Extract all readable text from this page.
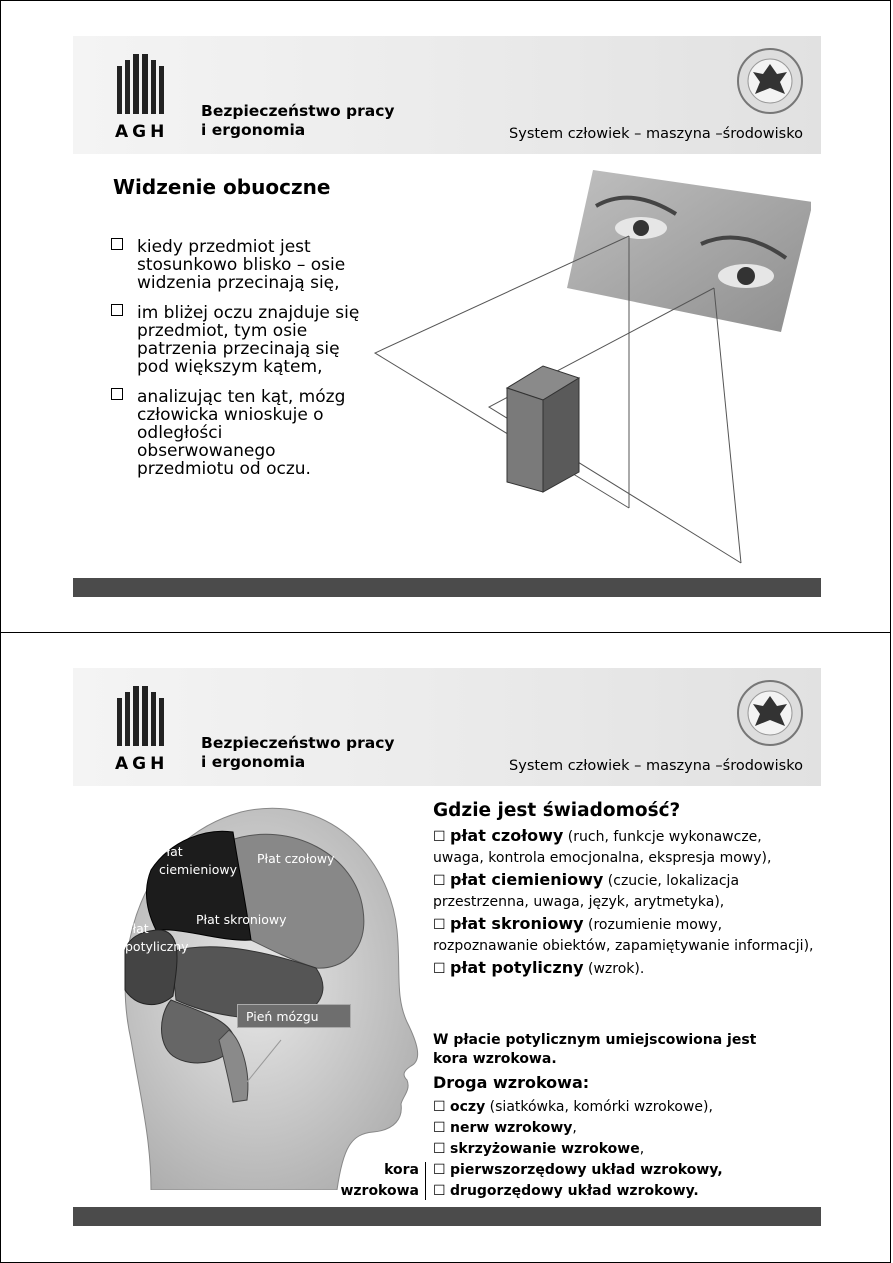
AGH
Bezpieczeństwo pracy
i ergonomia	System człowiek – maszyna –środowisko
Widzenie obuoczne
kiedy przedmiot jest stosunkowo blisko – osie widzenia przecinają się,
im bliżej oczu znajduje się przedmiot, tym osie patrzenia przecinają się pod większym kątem,
analizując ten kąt, mózg człowicka wnioskuje o odległości obserwowanego przedmiotu od oczu.
AGH
Bezpieczeństwo pracy
i ergonomia	System człowiek – maszyna –środowisko
Płat ciemieniowy
Płat czołowy
Płat skroniowy
Płat potyliczny
Pień mózgu
Gdzie jest świadomość?
☐ płat czołowy (ruch, funkcje wykonawcze, uwaga, kontrola emocjonalna, ekspresja mowy),
☐ płat ciemieniowy (czucie, lokalizacja przestrzenna, uwaga, język, arytmetyka),
☐ płat skroniowy (rozumienie mowy, rozpoznawanie obiektów, zapamiętywanie informacji),
☐ płat potyliczny (wzrok).
W płacie potylicznym umiejscowiona jest kora wzrokowa.
Droga wzrokowa:
☐ oczy (siatkówka, komórki wzrokowe),
☐ nerw wzrokowy,
☐ skrzyżowanie wzrokowe,
☐ pierwszorzędowy układ wzrokowy,
☐ drugorzędowy układ wzrokowy.
kora
wzrokowa
